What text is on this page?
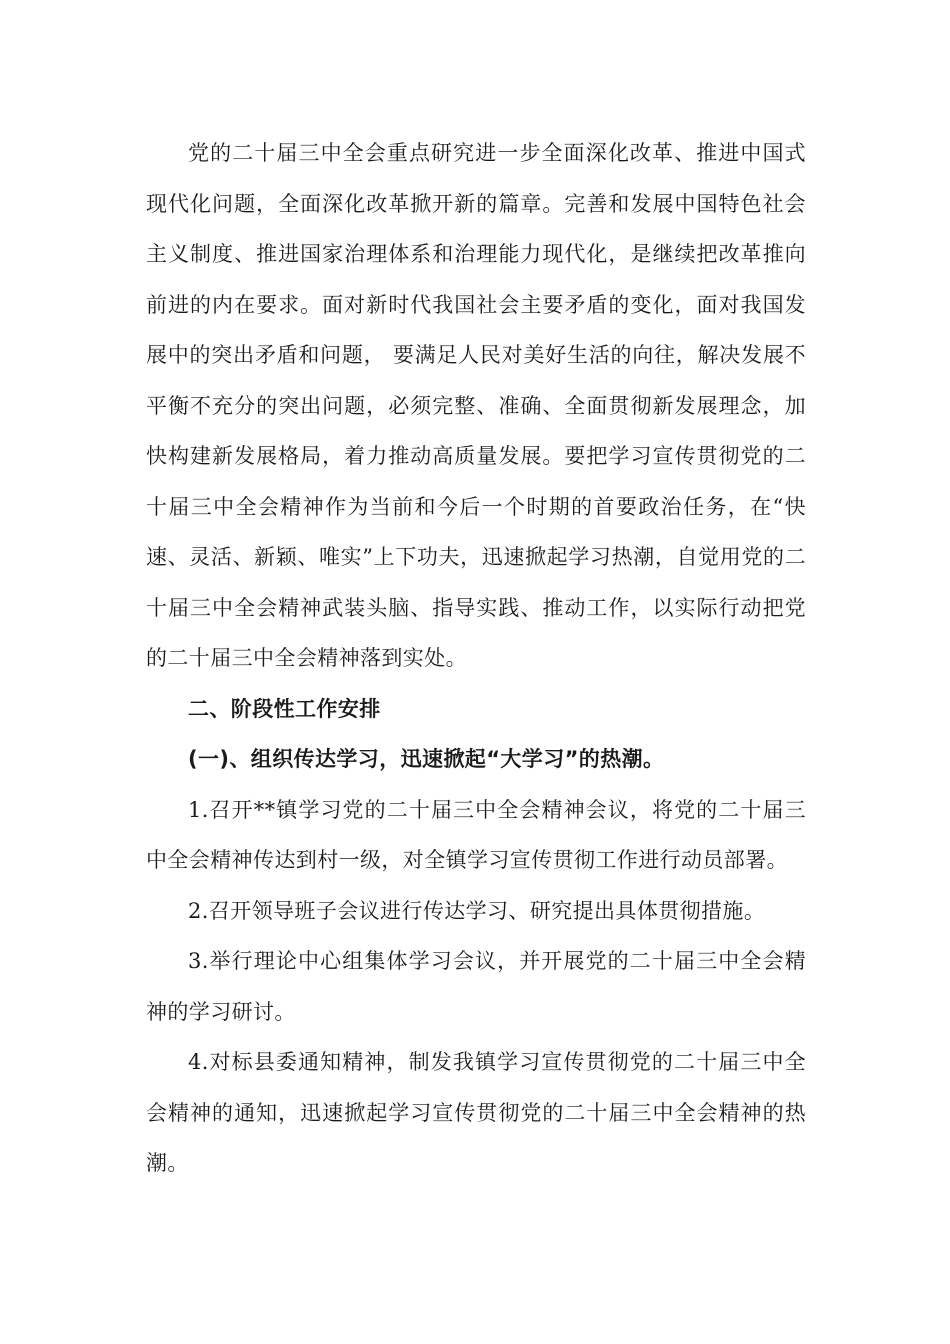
党的二十届三中全会重点研究进一步全面深化改革、推进中国式现代化问题，全面深化改革掀开新的篇章。完善和发展中国特色社会主义制度、推进国家治理体系和治理能力现代化，是继续把改革推向前进的内在要求。面对新时代我国社会主要矛盾的变化，面对我国发展中的突出矛盾和问题， 要满足人民对美好生活的向往，解决发展不平衡不充分的突出问题，必须完整、准确、全面贯彻新发展理念，加快构建新发展格局，着力推动高质量发展。要把学习宣传贯彻党的二十届三中全会精神作为当前和今后一个时期的首要政治任务，在“快速、灵活、新颖、唯实”上下功夫，迅速掀起学习热潮，自觉用党的二十届三中全会精神武装头脑、指导实践、推动工作，以实际行动把党的二十届三中全会精神落到实处。

二、阶段性工作安排

(一)、组织传达学习，迅速掀起“大学习”的热潮。

1.召开**镇学习党的二十届三中全会精神会议，将党的二十届三中全会精神传达到村一级，对全镇学习宣传贯彻工作进行动员部署。

2.召开领导班子会议进行传达学习、研究提出具体贯彻措施。

3.举行理论中心组集体学习会议，并开展党的二十届三中全会精神的学习研讨。

4.对标县委通知精神，制发我镇学习宣传贯彻党的二十届三中全会精神的通知，迅速掀起学习宣传贯彻党的二十届三中全会精神的热潮。
